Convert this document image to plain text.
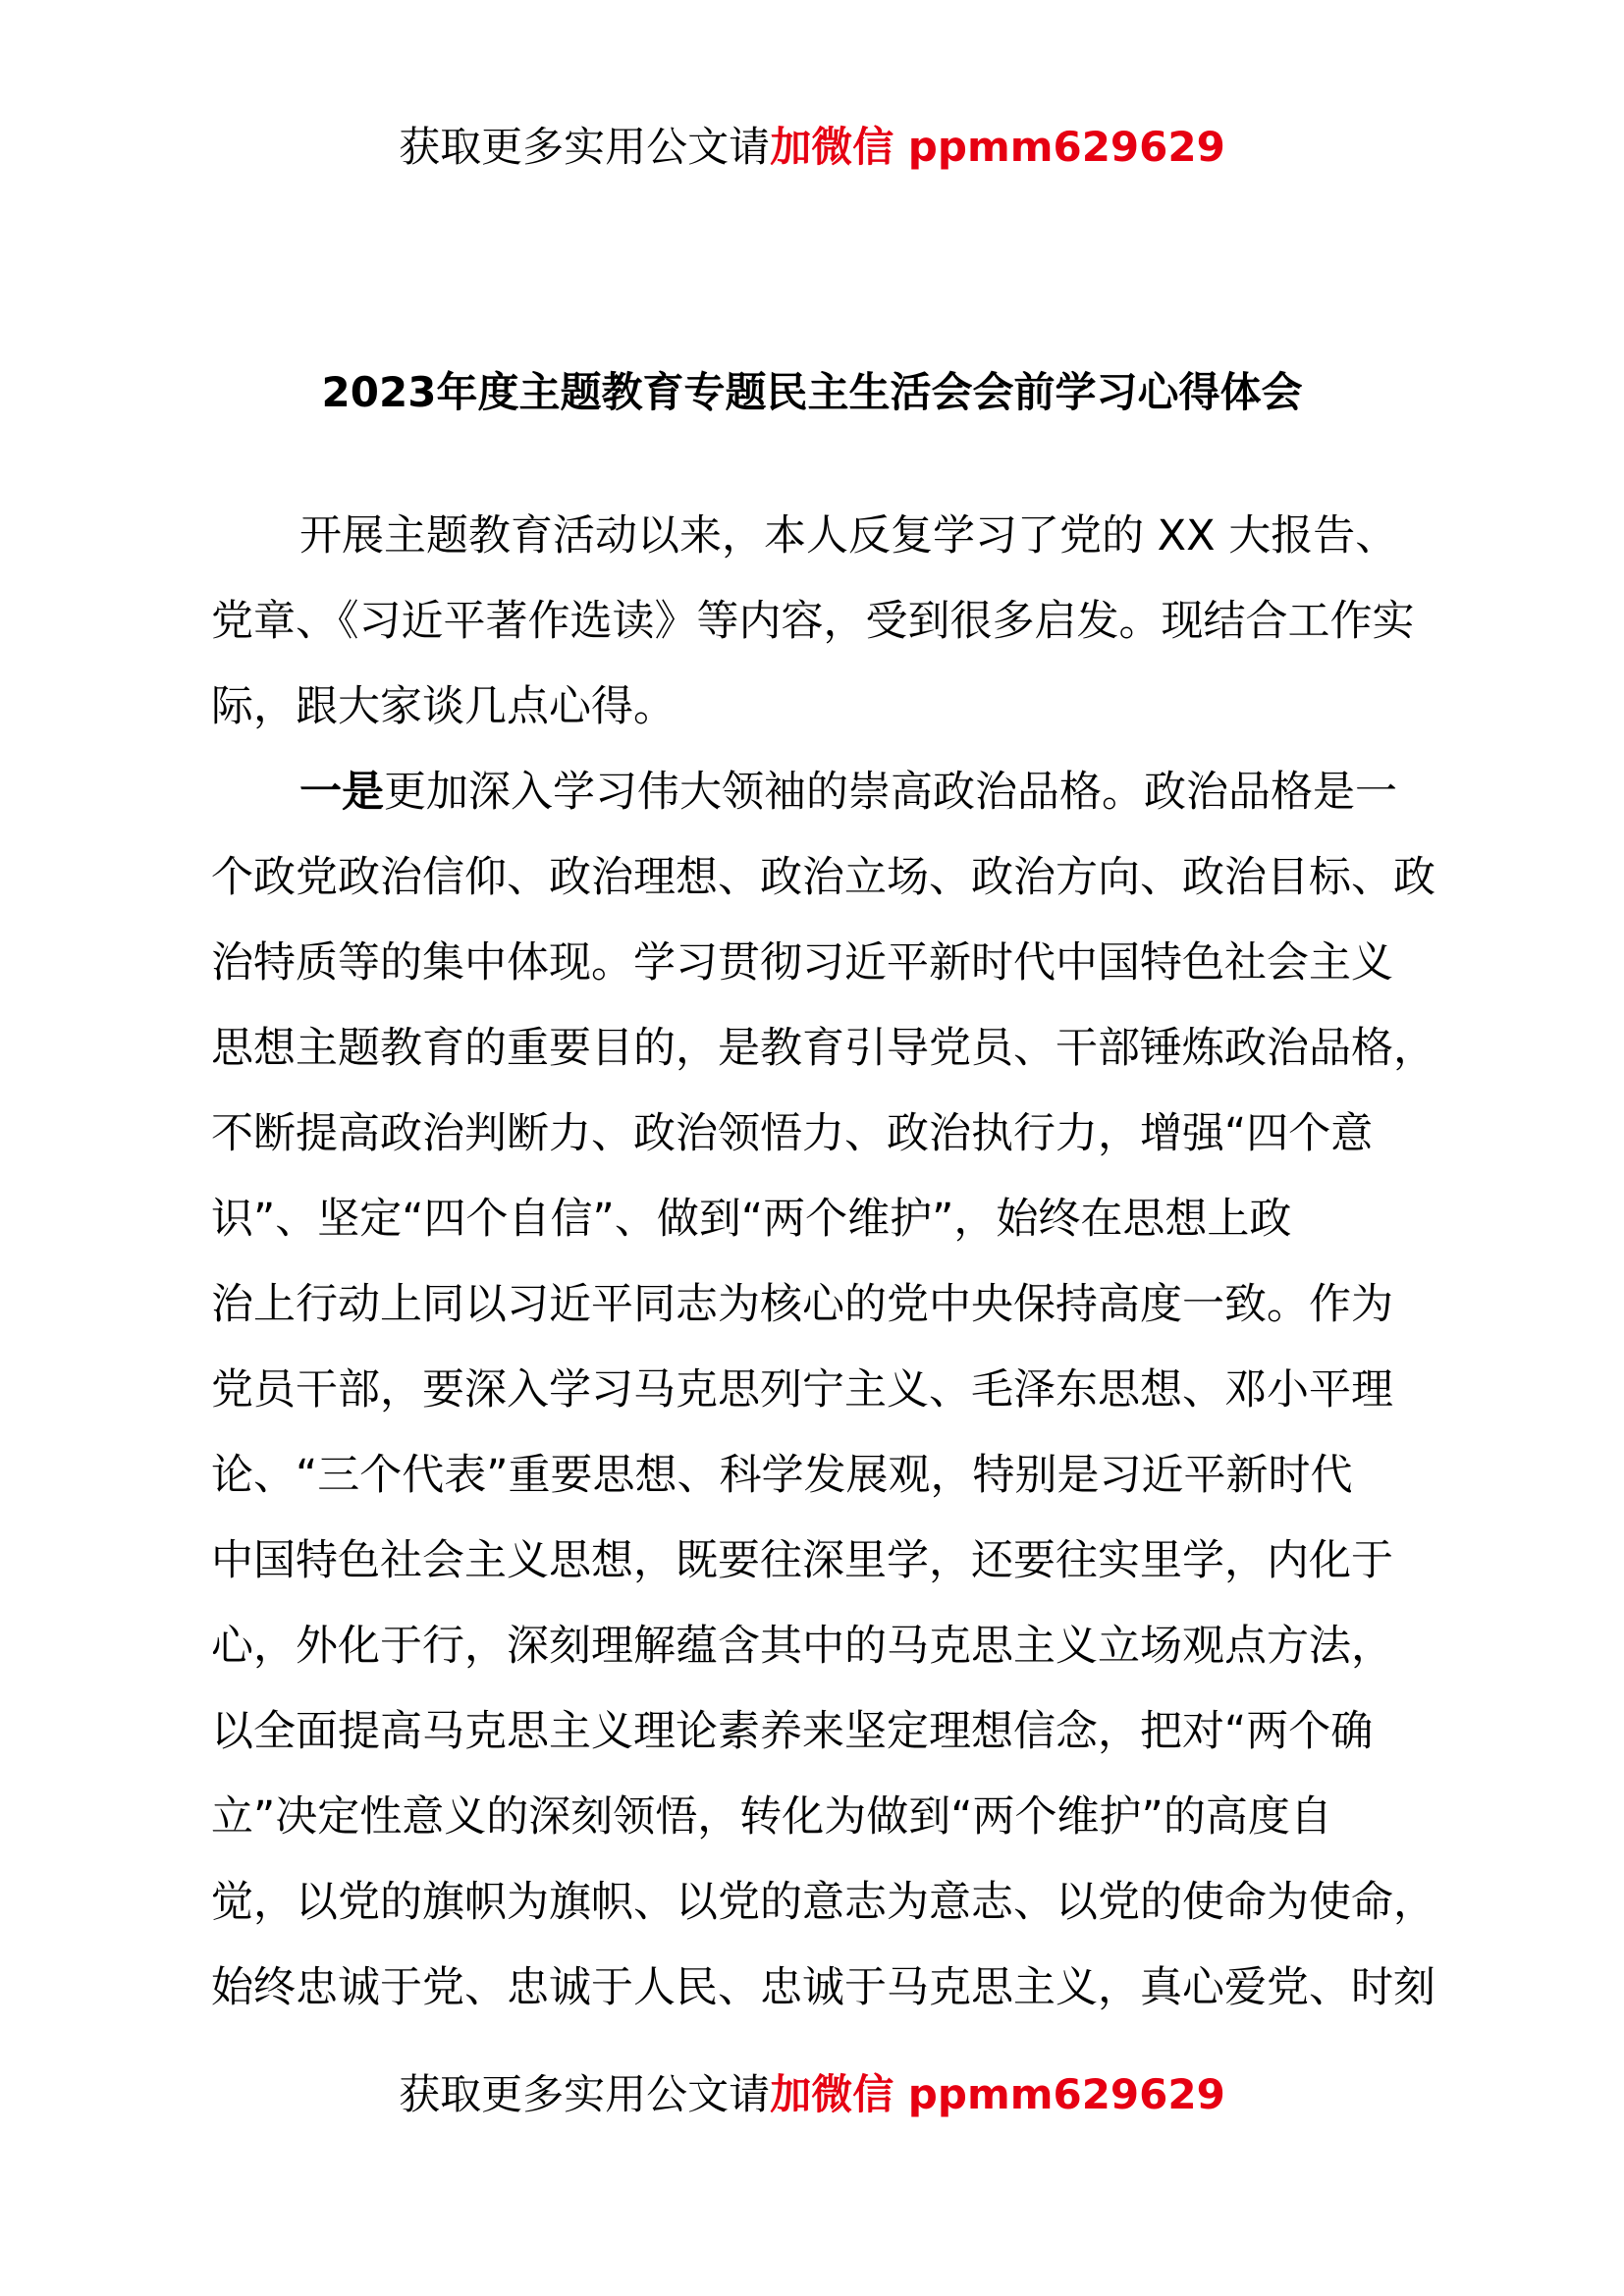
获取更多实用公文请加微信 ppmm629629
2023年度主题教育专题民主生活会会前学习心得体会
开展主题教育活动以来，本人反复学习了党的 XX 大报告、
党章、《习近平著作选读》等内容，受到很多启发。现结合工作实
际，跟大家谈几点心得。
一是更加深入学习伟大领袖的崇高政治品格。政治品格是一
个政党政治信仰、政治理想、政治立场、政治方向、政治目标、政
治特质等的集中体现。学习贯彻习近平新时代中国特色社会主义
思想主题教育的重要目的，是教育引导党员、干部锤炼政治品格，
不断提高政治判断力、政治领悟力、政治执行力，增强“四个意
识”、坚定“四个自信”、做到“两个维护”，始终在思想上政
治上行动上同以习近平同志为核心的党中央保持高度一致。作为
党员干部，要深入学习马克思列宁主义、毛泽东思想、邓小平理
论、“三个代表”重要思想、科学发展观，特别是习近平新时代
中国特色社会主义思想，既要往深里学，还要往实里学，内化于
心，外化于行，深刻理解蕴含其中的马克思主义立场观点方法，
以全面提高马克思主义理论素养来坚定理想信念，把对“两个确
立”决定性意义的深刻领悟，转化为做到“两个维护”的高度自
觉，以党的旗帜为旗帜、以党的意志为意志、以党的使命为使命，
始终忠诚于党、忠诚于人民、忠诚于马克思主义，真心爱党、时刻
获取更多实用公文请加微信 ppmm629629
